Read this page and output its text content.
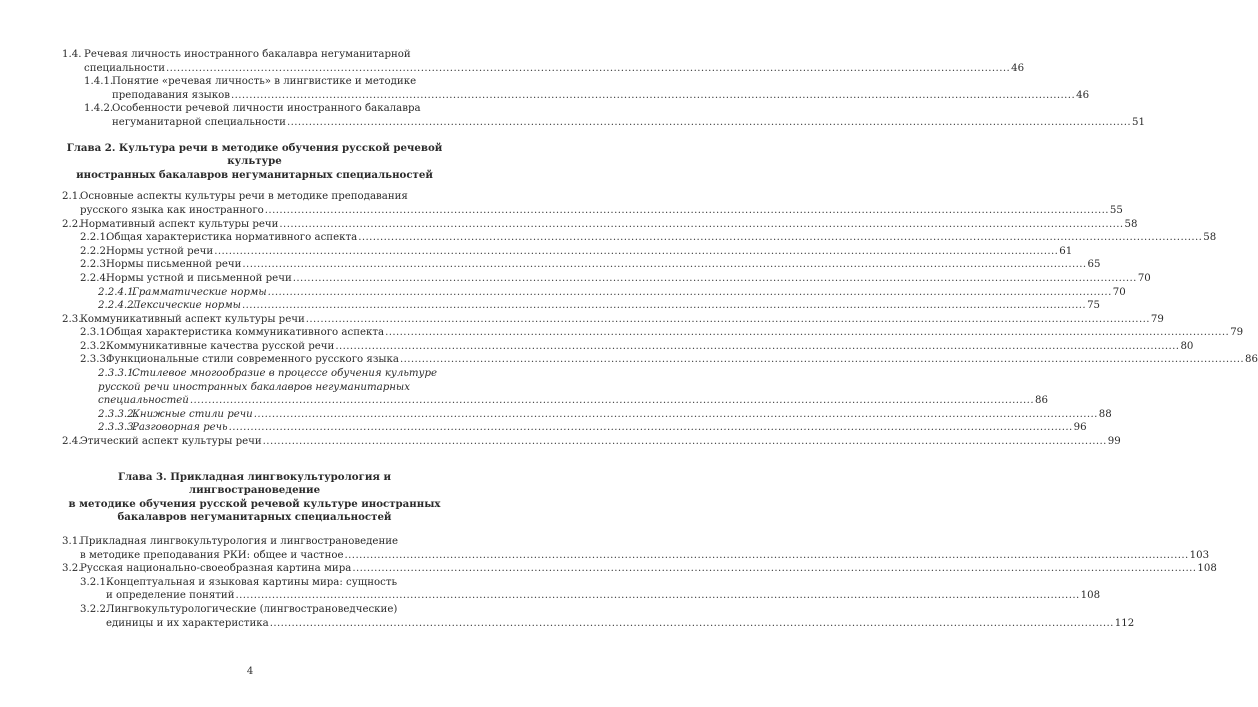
1.4. Речевая личность иностранного бакалавра негуманитарной
специальности .....	46
1.4.1.
Понятие «речевая личность» в лингвистике и методике
преподавания языков .....	46
1.4.2.
Особенности речевой личности иностранного бакалавра
негуманитарной специальности .....	51
Глава 2. Культура речи в методике обучения русской речевой культуре
иностранных бакалавров негуманитарных специальностей
2.1.
Основные аспекты культуры речи в методике преподавания
русского языка как иностранного .....	55
2.2.
Нормативный аспект культуры речи .....	58
2.2.1.
Общая характеристика нормативного аспекта .....	58
2.2.2.
Нормы устной речи .....	61
2.2.3.
Нормы письменной речи .....	65
2.2.4.
Нормы устной и письменной речи .....	70
2.2.4.1.
Грамматические нормы .....	70
2.2.4.2.
Лексические нормы .....	75
2.3.
Коммуникативный аспект культуры речи .....	79
2.3.1.
Общая характеристика коммуникативного аспекта .....	79
2.3.2.
Коммуникативные качества русской речи .....	80
2.3.3.
Функциональные стили современного русского языка .....	86
2.3.3.1.
Стилевое многообразие в процессе обучения культуре
русской речи иностранных бакалавров негуманитарных
специальностей .....	86
2.3.3.2.
Книжные стили речи .....	88
2.3.3.3.
Разговорная речь .....	96
2.4.
Этический аспект культуры речи .....	99
Глава 3. Прикладная лингвокультурология и лингвострановедение
в методике обучения русской речевой культуре иностранных
бакалавров негуманитарных специальностей
3.1.
Прикладная лингвокультурология и лингвострановедение
в методике преподавания РКИ: общее и частное .....	103
3.2.
Русская национально-своеобразная картина мира .....	108
3.2.1.
Концептуальная и языковая картины мира: сущность
и определение понятий .....	108
3.2.2.
Лингвокультурологические (лингвострановедческие)
единицы и их характеристика .....	112
4
